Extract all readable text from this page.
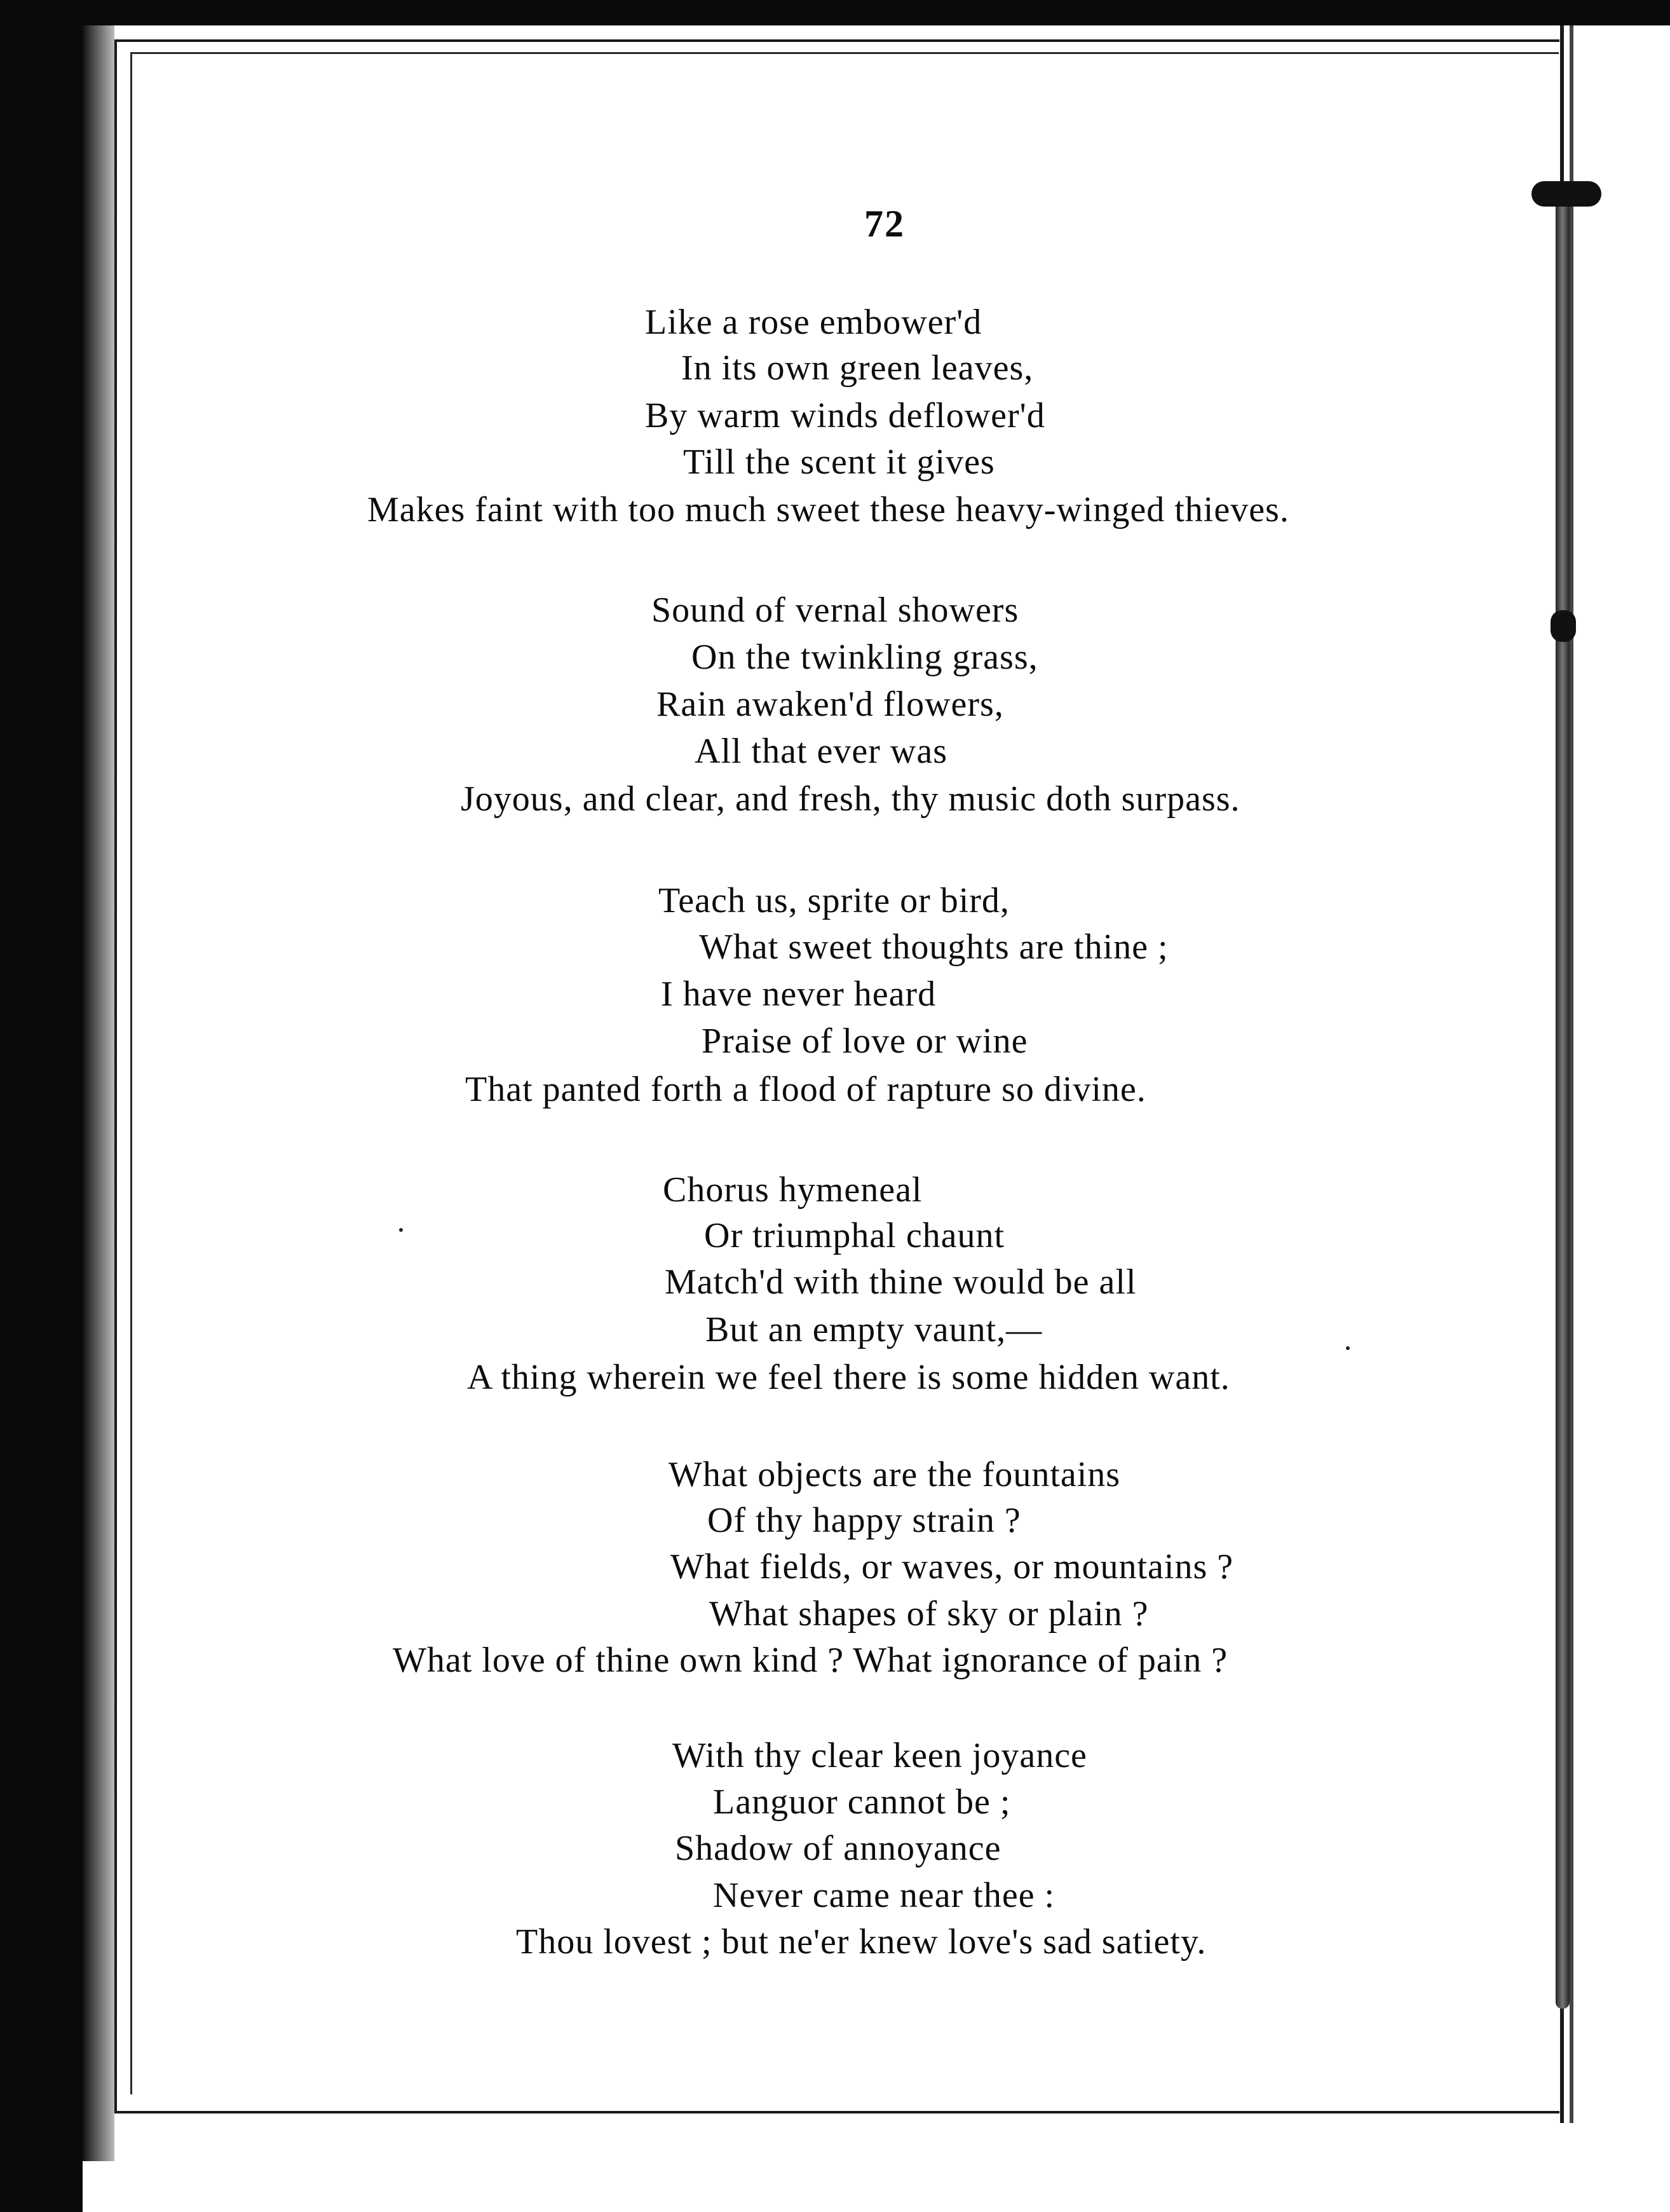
72
Like a rose embower'd
In its own green leaves,
By warm winds deflower'd
Till the scent it gives
Makes faint with too much sweet these heavy-winged thieves.
Sound of vernal showers
On the twinkling grass,
Rain awaken'd flowers,
All that ever was
Joyous, and clear, and fresh, thy music doth surpass.
Teach us, sprite or bird,
What sweet thoughts are thine ;
I have never heard
Praise of love or wine
That panted forth a flood of rapture so divine.
Chorus hymeneal
Or triumphal chaunt
Match'd with thine would be all
But an empty vaunt,—
A thing wherein we feel there is some hidden want.
What objects are the fountains
Of thy happy strain ?
What fields, or waves, or mountains ?
What shapes of sky or plain ?
What love of thine own kind ? What ignorance of pain ?
With thy clear keen joyance
Languor cannot be ;
Shadow of annoyance
Never came near thee :
Thou lovest ; but ne'er knew love's sad satiety.
